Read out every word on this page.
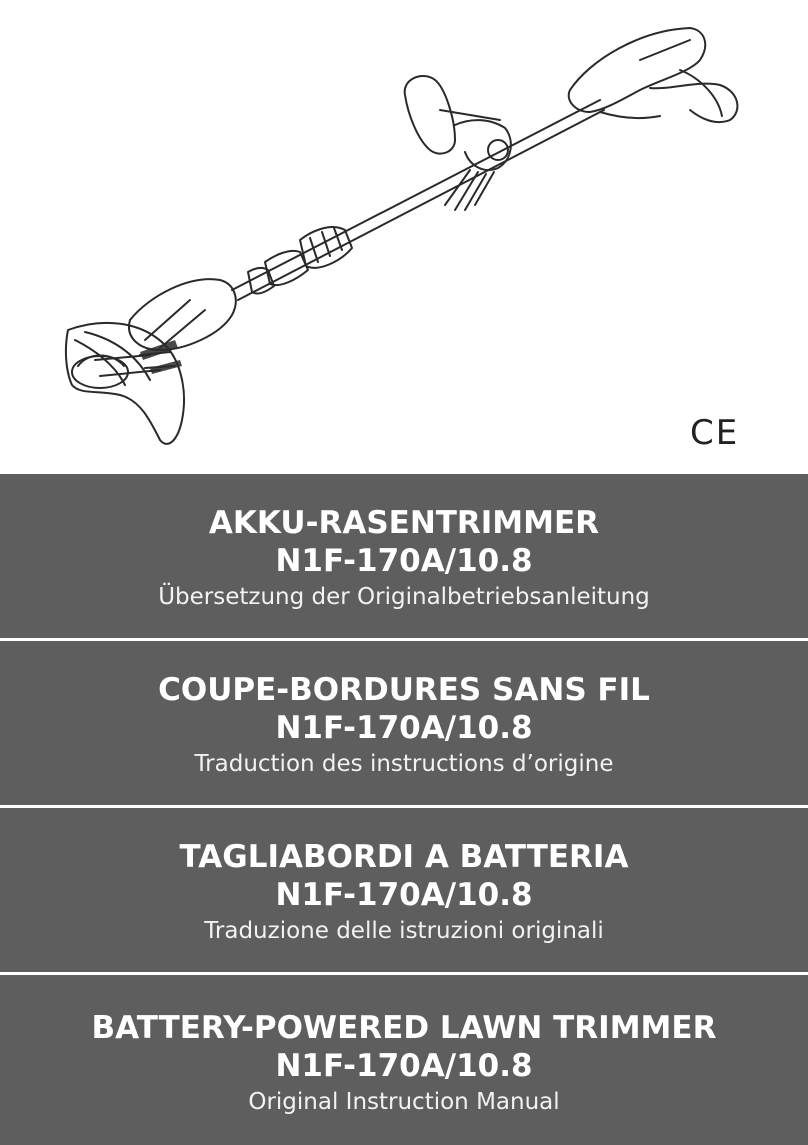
CE
AKKU-RASENTRIMMER
N1F-170A/10.8
Übersetzung der Originalbetriebsanleitung
COUPE-BORDURES SANS FIL
N1F-170A/10.8
Traduction des instructions d’origine
TAGLIABORDI A BATTERIA
N1F-170A/10.8
Traduzione delle istruzioni originali
BATTERY-POWERED LAWN TRIMMER
N1F-170A/10.8
Original Instruction Manual
